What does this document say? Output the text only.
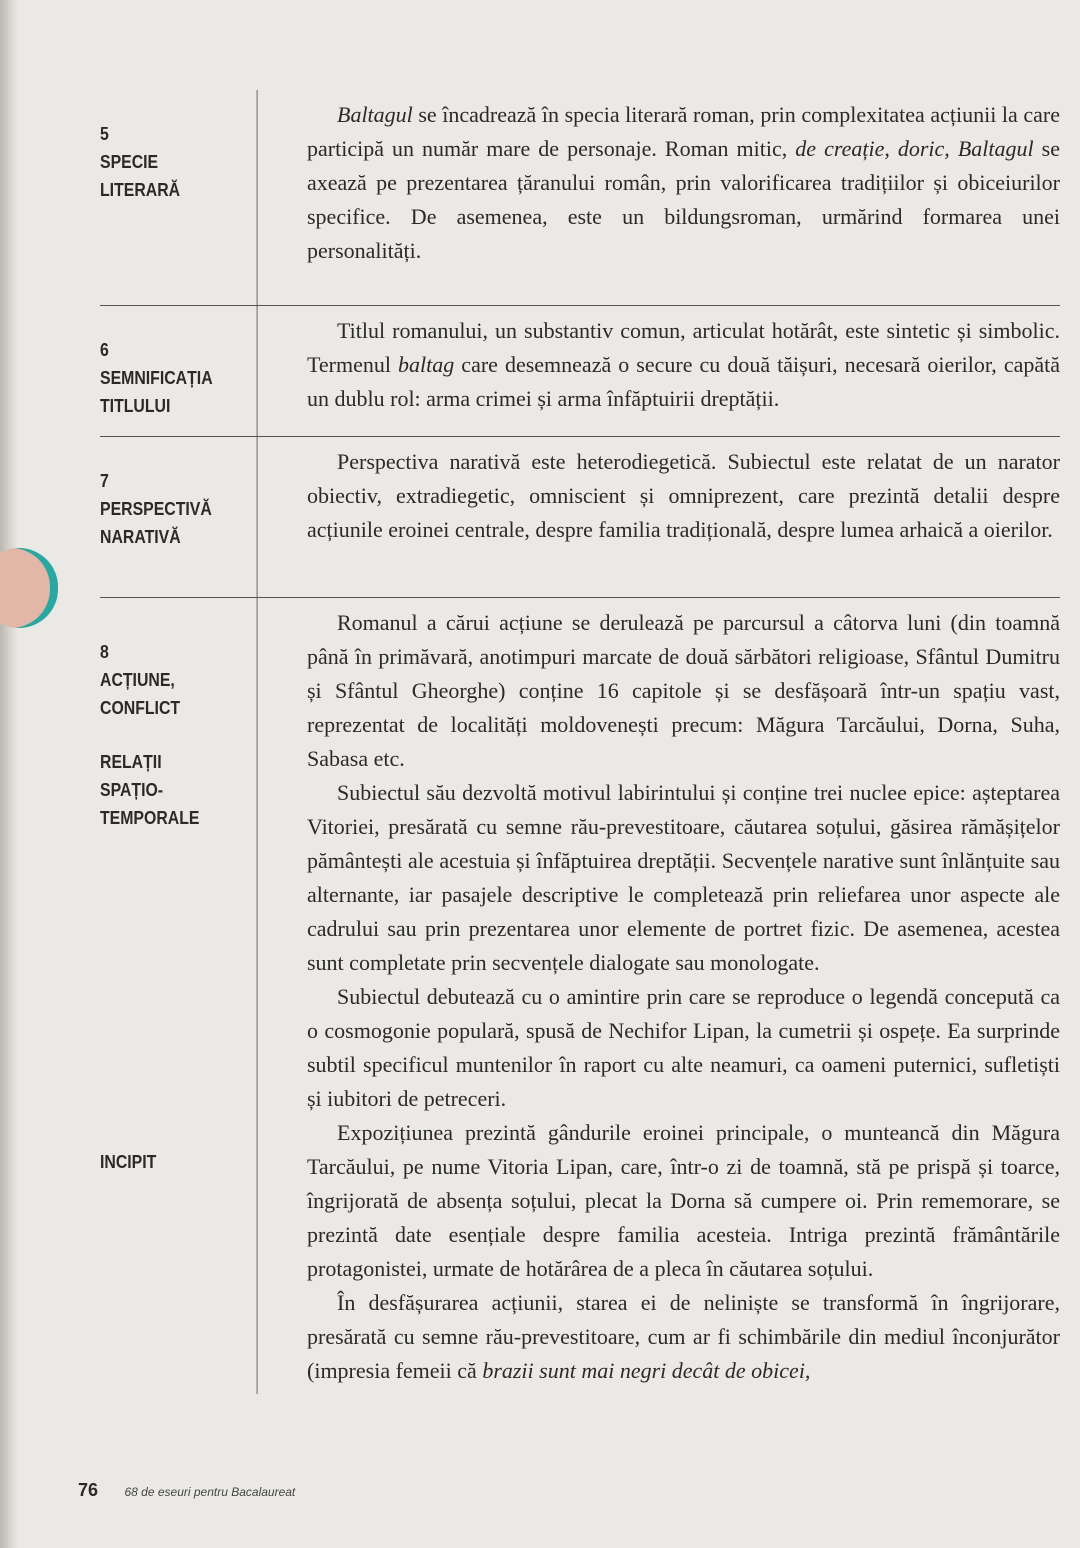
5
SPECIE
LITERARĂ

Baltagul se încadrează în specia literară roman, prin complexitatea acțiunii la care participă un număr mare de personaje. Roman mitic, de creație, doric, Baltagul se axează pe prezentarea țăranului român, prin valorificarea tradițiilor și obiceiurilor specifice. De asemenea, este un bildungsroman, urmărind formarea unei personalități.

6
SEMNIFICAȚIA
TITLULUI

Titlul romanului, un substantiv comun, articulat hotărât, este sintetic și simbolic. Termenul baltag care desemnează o secure cu două tăișuri, necesară oierilor, capătă un dublu rol: arma crimei și arma înfăptuirii dreptății.

7
PERSPECTIVĂ
NARATIVĂ

Perspectiva narativă este heterodiegetică. Subiectul este relatat de un narator obiectiv, extradiegetic, omniscient și omniprezent, care prezintă detalii despre acțiunile eroinei centrale, despre familia tradițională, despre lumea arhaică a oierilor.

8
ACȚIUNE,
CONFLICT
RELAȚII
SPAȚIO-
TEMPORALE
INCIPIT

Romanul a cărui acțiune se derulează pe parcursul a câtorva luni (din toamnă până în primăvară, anotimpuri marcate de două sărbători religioase, Sfântul Dumitru și Sfântul Gheorghe) conține 16 capitole și se desfășoară într-un spațiu vast, reprezentat de localități moldovenești precum: Măgura Tarcăului, Dorna, Suha, Sabasa etc.

Subiectul său dezvoltă motivul labirintului și conține trei nuclee epice: așteptarea Vitoriei, presărată cu semne rău-prevestitoare, căutarea soțului, găsirea rămășițelor pământești ale acestuia și înfăptuirea dreptății. Secvențele narative sunt înlănțuite sau alternante, iar pasajele descriptive le completează prin reliefarea unor aspecte ale cadrului sau prin prezentarea unor elemente de portret fizic. De asemenea, acestea sunt completate prin secvențele dialogate sau monologate.

Subiectul debutează cu o amintire prin care se reproduce o legendă concepută ca o cosmogonie populară, spusă de Nechifor Lipan, la cumetrii și ospețe. Ea surprinde subtil specificul muntenilor în raport cu alte neamuri, ca oameni puternici, sufletiști și iubitori de petreceri.

Expozițiunea prezintă gândurile eroinei principale, o munteancă din Măgura Tarcăului, pe nume Vitoria Lipan, care, într-o zi de toamnă, stă pe prispă și toarce, îngrijorată de absența soțului, plecat la Dorna să cumpere oi. Prin rememorare, se prezintă date esențiale despre familia acesteia. Intriga prezintă frământările protagonistei, urmate de hotărârea de a pleca în căutarea soțului.

În desfășurarea acțiunii, starea ei de neliniște se transformă în îngrijorare, presărată cu semne rău-prevestitoare, cum ar fi schimbările din mediul înconjurător (impresia femeii că brazii sunt mai negri decât de obicei,

76 68 de eseuri pentru Bacalaureat
